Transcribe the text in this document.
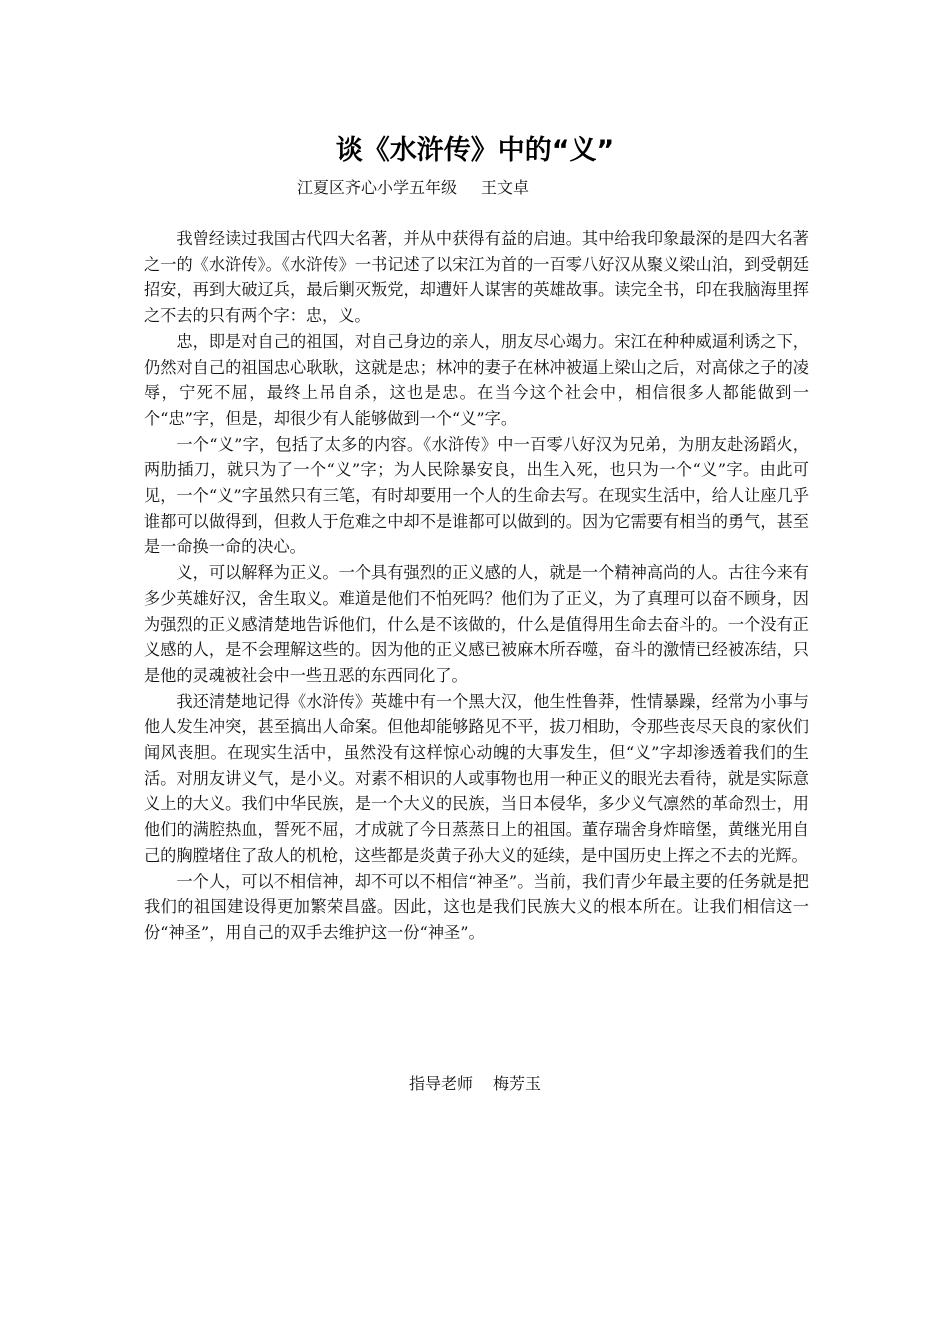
谈《水浒传》中的“义”
江夏区齐心小学五年级 王文卓

我曾经读过我国古代四大名著，并从中获得有益的启迪。其中给我印象最深的是四大名著之一的《水浒传》。《水浒传》一书记述了以宋江为首的一百零八好汉从聚义梁山泊，到受朝廷招安，再到大破辽兵，最后剿灭叛党，却遭奸人谋害的英雄故事。读完全书，印在我脑海里挥之不去的只有两个字：忠，义。

忠，即是对自己的祖国，对自己身边的亲人，朋友尽心竭力。宋江在种种威逼利诱之下，仍然对自己的祖国忠心耿耿，这就是忠；林冲的妻子在林冲被逼上梁山之后，对高俅之子的凌辱，宁死不屈，最终上吊自杀，这也是忠。在当今这个社会中，相信很多人都能做到一个“忠”字，但是，却很少有人能够做到一个“义”字。

一个“义”字，包括了太多的内容。《水浒传》中一百零八好汉为兄弟，为朋友赴汤蹈火，两肋插刀，就只为了一个“义”字；为人民除暴安良，出生入死，也只为一个“义”字。由此可见，一个“义”字虽然只有三笔，有时却要用一个人的生命去写。在现实生活中，给人让座几乎谁都可以做得到，但救人于危难之中却不是谁都可以做到的。因为它需要有相当的勇气，甚至是一命换一命的决心。

义，可以解释为正义。一个具有强烈的正义感的人，就是一个精神高尚的人。古往今来有多少英雄好汉，舍生取义。难道是他们不怕死吗？他们为了正义，为了真理可以奋不顾身，因为强烈的正义感清楚地告诉他们，什么是不该做的，什么是值得用生命去奋斗的。一个没有正义感的人，是不会理解这些的。因为他的正义感已被麻木所吞噬，奋斗的激情已经被冻结，只是他的灵魂被社会中一些丑恶的东西同化了。

我还清楚地记得《水浒传》英雄中有一个黑大汉，他生性鲁莽，性情暴躁，经常为小事与他人发生冲突，甚至搞出人命案。但他却能够路见不平，拔刀相助，令那些丧尽天良的家伙们闻风丧胆。在现实生活中，虽然没有这样惊心动魄的大事发生，但“义”字却渗透着我们的生活。对朋友讲义气，是小义。对素不相识的人或事物也用一种正义的眼光去看待，就是实际意义上的大义。我们中华民族，是一个大义的民族，当日本侵华，多少义气凛然的革命烈士，用他们的满腔热血，誓死不屈，才成就了今日蒸蒸日上的祖国。董存瑞舍身炸暗堡，黄继光用自己的胸膛堵住了敌人的机枪，这些都是炎黄子孙大义的延续，是中国历史上挥之不去的光辉。

一个人，可以不相信神，却不可以不相信“神圣”。当前，我们青少年最主要的任务就是把我们的祖国建设得更加繁荣昌盛。因此，这也是我们民族大义的根本所在。让我们相信这一份“神圣”，用自己的双手去维护这一份“神圣”。

指导老师 梅芳玉
